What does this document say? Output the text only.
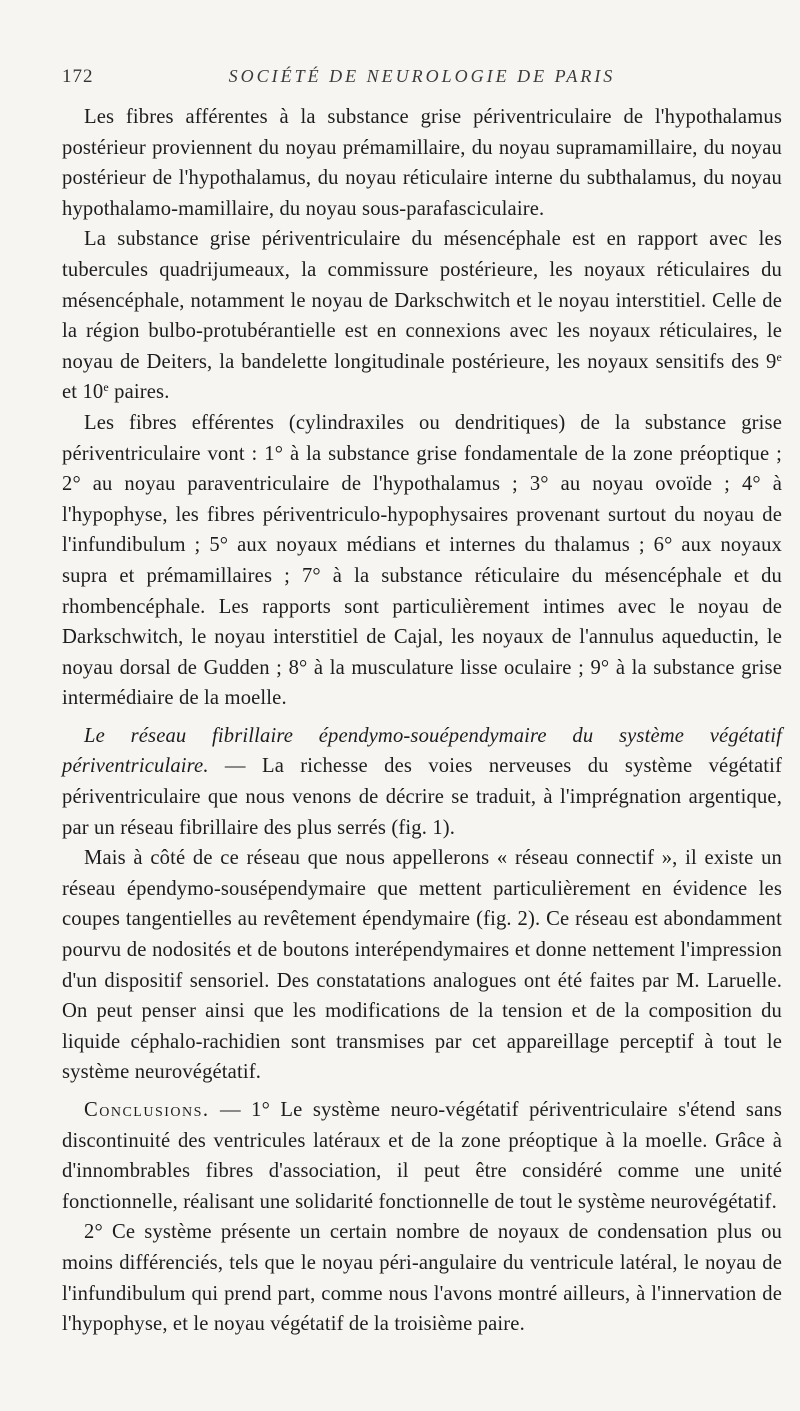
172	SOCIÉTÉ DE NEUROLOGIE DE PARIS

Les fibres afférentes à la substance grise périventriculaire de l'hypothalamus postérieur proviennent du noyau prémamillaire, du noyau supramamillaire, du noyau postérieur de l'hypothalamus, du noyau réticulaire interne du subthalamus, du noyau hypothalamo-mamillaire, du noyau sous-parafasciculaire.

La substance grise périventriculaire du mésencéphale est en rapport avec les tubercules quadrijumeaux, la commissure postérieure, les noyaux réticulaires du mésencéphale, notamment le noyau de Darkschwitch et le noyau interstitiel. Celle de la région bulbo-protubérantielle est en connexions avec les noyaux réticulaires, le noyau de Deiters, la bandelette longitudinale postérieure, les noyaux sensitifs des 9e et 10e paires.

Les fibres efférentes (cylindraxiles ou dendritiques) de la substance grise périventriculaire vont : 1° à la substance grise fondamentale de la zone préoptique ; 2° au noyau paraventriculaire de l'hypothalamus ; 3° au noyau ovoïde ; 4° à l'hypophyse, les fibres périventriculo-hypophysaires provenant surtout du noyau de l'infundibulum ; 5° aux noyaux médians et internes du thalamus ; 6° aux noyaux supra et prémamillaires ; 7° à la substance réticulaire du mésencéphale et du rhombencéphale. Les rapports sont particulièrement intimes avec le noyau de Darkschwitch, le noyau interstitiel de Cajal, les noyaux de l'annulus aqueductin, le noyau dorsal de Gudden ; 8° à la musculature lisse oculaire ; 9° à la substance grise intermédiaire de la moelle.

Le réseau fibrillaire épendymo-souépendymaire du système végétatif périventriculaire. — La richesse des voies nerveuses du système végétatif périventriculaire que nous venons de décrire se traduit, à l'imprégnation argentique, par un réseau fibrillaire des plus serrés (fig. 1).

Mais à côté de ce réseau que nous appellerons « réseau connectif », il existe un réseau épendymo-sousépendymaire que mettent particulièrement en évidence les coupes tangentielles au revêtement épendymaire (fig. 2). Ce réseau est abondamment pourvu de nodosités et de boutons interépendymaires et donne nettement l'impression d'un dispositif sensoriel. Des constatations analogues ont été faites par M. Laruelle. On peut penser ainsi que les modifications de la tension et de la composition du liquide céphalo-rachidien sont transmises par cet appareillage perceptif à tout le système neurovégétatif.

Conclusions. — 1° Le système neuro-végétatif périventriculaire s'étend sans discontinuité des ventricules latéraux et de la zone préoptique à la moelle. Grâce à d'innombrables fibres d'association, il peut être considéré comme une unité fonctionnelle, réalisant une solidarité fonctionnelle de tout le système neurovégétatif.

2° Ce système présente un certain nombre de noyaux de condensation plus ou moins différenciés, tels que le noyau péri-angulaire du ventricule latéral, le noyau de l'infundibulum qui prend part, comme nous l'avons montré ailleurs, à l'innervation de l'hypophyse, et le noyau végétatif de la troisième paire.
